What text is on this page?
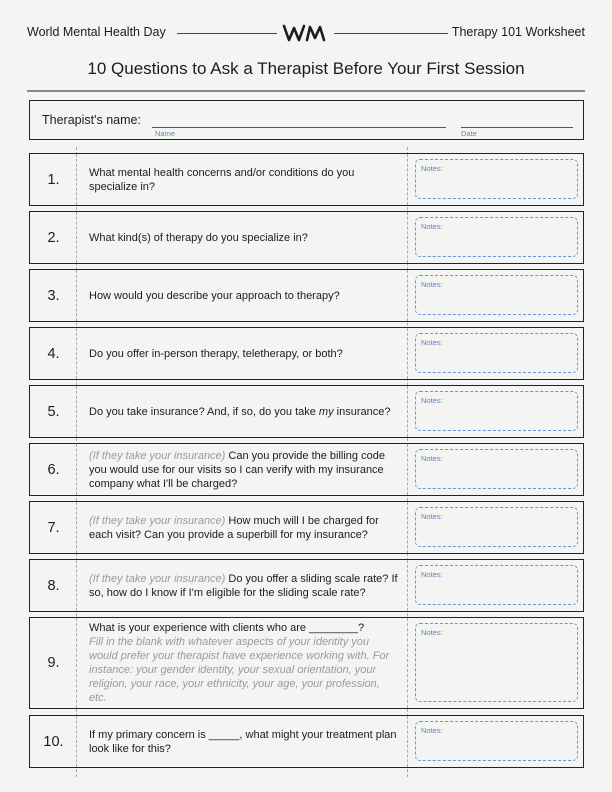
World Mental Health Day	Therapy 101 Worksheet
10 Questions to Ask a Therapist Before Your First Session
Therapist's name:
Name	Date
1.	What mental health concerns and/or conditions do you specialize in?
Notes:
2.	What kind(s) of therapy do you specialize in?
Notes:
3.	How would you describe your approach to therapy?
Notes:
4.	Do you offer in-person therapy, teletherapy, or both?
Notes:
5.	Do you take insurance? And, if so, do you take my insurance?
Notes:
6.
(If they take your insurance) Can you provide the billing code you would use for our visits so I can verify with my insurance company what I'll be charged?
Notes:
7.	(If they take your insurance) How much will I be charged for each visit? Can you provide a superbill for my insurance?
Notes:
8.	(If they take your insurance) Do you offer a sliding scale rate? If so, how do I know if I'm eligible for the sliding scale rate?
Notes:
9.
What is your experience with clients who are ________?
Fill in the blank with whatever aspects of your identity you would prefer your therapist have experience working with. For instance: your gender identity, your sexual orientation, your religion, your race, your ethnicity, your age, your profession, etc.
Notes:
10.	If my primary concern is _____, what might your treatment plan look like for this?
Notes:
